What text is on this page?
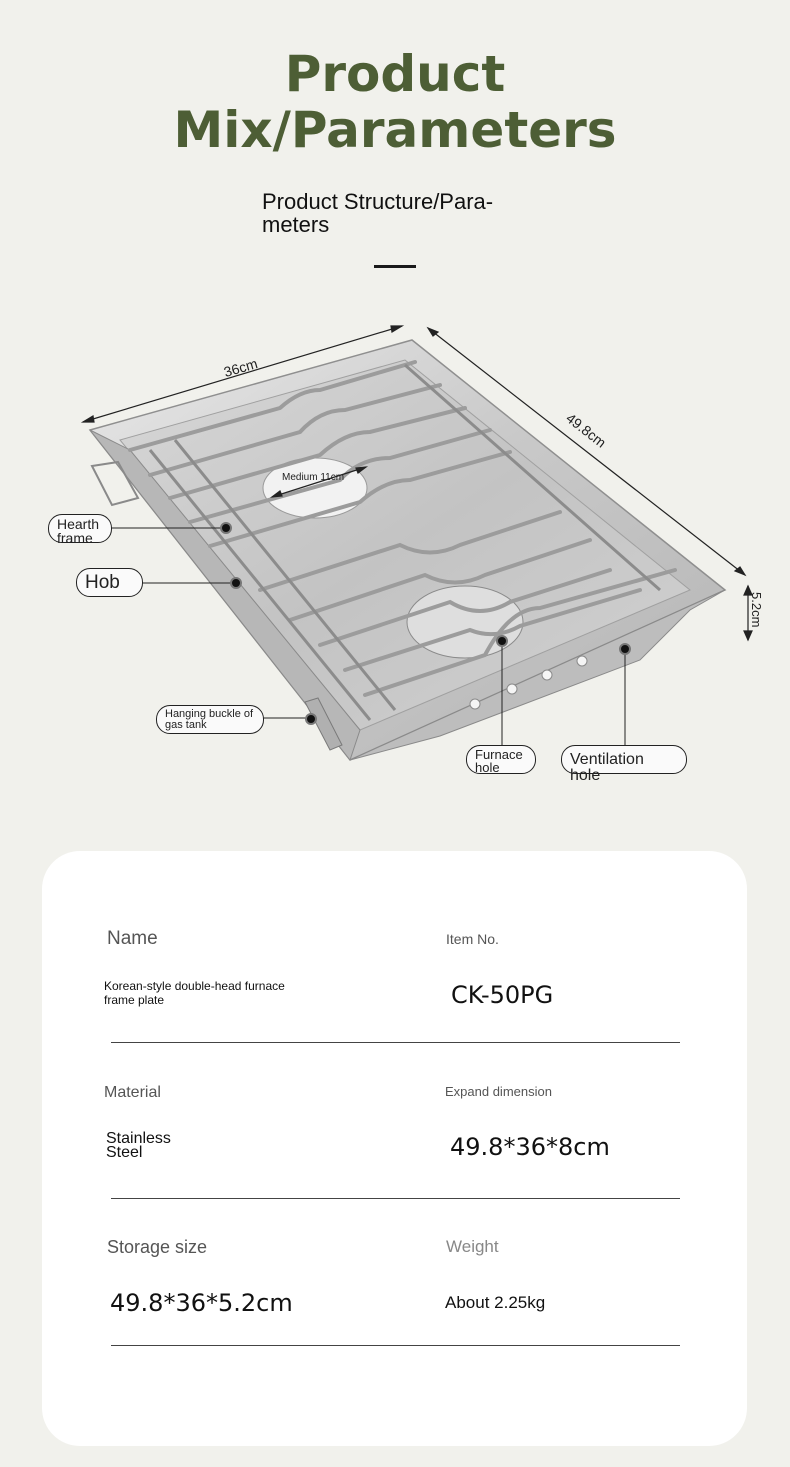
Product
Mix/Parameters
Product Structure/Para-meters
36cm
49.8cm
5.2cm
Medium 11cm
Hearth frame
Hob
Hanging buckle of gas tank
Furnace hole	Ventilation hole
Name
Korean-style double-head furnace frame plate
Item No.
CK-50PG
Material
Stainless Steel
Expand dimension
49.8*36*8cm
Storage size
49.8*36*5.2cm
Weight
About 2.25kg
